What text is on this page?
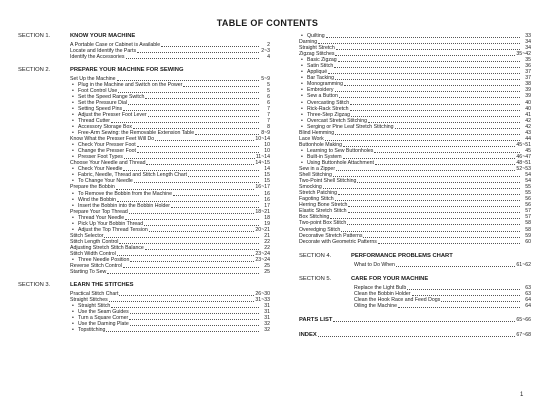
TABLE OF CONTENTS
SECTION 1.	KNOW YOUR MACHINE
A Portable Case or Cabinet is Available	2
Locate and Identify the Parts	2~3
Identify the Accessories	4
SECTION 2.	PREPARE YOUR MACHINE FOR SEWING
Set Up the Machine	5~9
• Plug in the Machine and Switch on the Power	5
• Foot Control Use	5
• Set the Speed Range Switch	6
• Set the Pressure Dial	6
• Setting Speed Pins	7
• Adjust the Presser Foot Lever	7
• Thread Cutter	7
• Accessory Storage Box	8
• Free-Arm Sewing: the Removable Extension Table	8~9
Know What the Presser Feet Will Do	10~14
• Check Your Presser Foot	10
• Change the Presser Foot	10
• Presser Foot Types	11~14
Choose Your Needle and Thread	14~15
• Check Your Needle	14
• Fabric, Needle, Thread and Stitch Length Chart	15
• To Change Your Needle	15
Prepare the Bobbin	16~17
• To Remove the Bobbin from the Machine	16
• Wind the Bobbin	16
• Insert the Bobbin into the Bobbin Holder	17
Prepare Your Top Thread	18~21
• Thread Your Needle	18
• Pick Up Your Bobbin Thread	19
• Adjust the Top Thread Tension	20~21
Stitch Selector	21
Stitch Length Control	22
Adjusting Stretch Stitch Balance	22
Stitch Width Control	23~24
• Three Needle Position	23~24
Reverse Stitch Control	25
Starting To Sew	25
SECTION 3.	LEARN THE STITCHES
Practical Stitch Chart	26~30
Straight Stitches	31~33
• Straight Stitch	31
• Use the Seam Guides	31
• Turn a Square Corner	31
• Use the Darning Plate	32
• Topstitching	32
• Quilting	33
Darning	34
Straight Stretch	34
Zigzag Stitches	35~42
• Basic Zigzag	35
• Satin Stitch	36
• Appliqué	37
• Bar Tacking	37
• Monogramming	38
• Embroidery	39
• Sew a Button	39
• Overcasting Stitch	40
• Rick-Rack Stretch	40
• Three-Step Zigzag	41
• Overcast Stretch Stitching	42
• Serging or Pine Leaf Stretch Stitching	42
Blind Hemming	43
Lace Work	44
Buttonhole Making	45~51
• Learning to Sew Buttonholes	45
• Built-in System	46~47
• Using Buttonhole Attachment	48~51
Sew in a Zipper	52~53
Shell Stitching	54
Two-Point Shell Stitching	54
Smocking	55
Stretch Patching	55
Fagoting Stitch	56
Herring Bone Stretch	56
Elastic Stretch Stitch	57
Box Stitching	57
Two-point Box Stitch	58
Overedging Stitch	58
Decorative Stretch Patterns	59
Decorate with Geometric Patterns	60
SECTION 4.	PERFORMANCE PROBLEMS CHART
What to Do When	61~62
SECTION 5.	CARE FOR YOUR MACHINE
Replace the Light Bulb	63
Clean the Bobbin Holder	63
Clean the Hook Race and Feed Dogs	64
Oiling the Machine	64
PARTS LIST	65~66
INDEX	67~68
1
